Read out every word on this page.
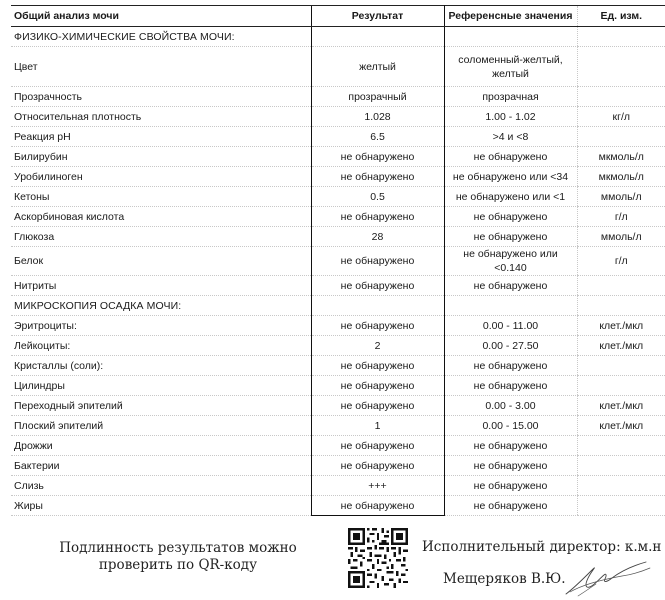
Общий анализ мочи	Результат	Референсные значения	Ед. изм.
ФИЗИКО-ХИМИЧЕСКИЕ СВОЙСТВА МОЧИ:			
Цвет	желтый	соломенный-желтый, желтый	
Прозрачность	прозрачный	прозрачная	
Относительная плотность	1.028	1.00 - 1.02	кг/л
Реакция pH	6.5	>4 и <8	
Билирубин	не обнаружено	не обнаружено	мкмоль/л
Уробилиноген	не обнаружено	не обнаружено или <34	мкмоль/л
Кетоны	0.5	не обнаружено или <1	ммоль/л
Аскорбиновая кислота	не обнаружено	не обнаружено	г/л
Глюкоза	28	не обнаружено	ммоль/л
Белок	не обнаружено	не обнаружено или <0.140	г/л
Нитриты	не обнаружено	не обнаружено	
МИКРОСКОПИЯ ОСАДКА МОЧИ:			
Эритроциты:	не обнаружено	0.00 - 11.00	клет./мкл
Лейкоциты:	2	0.00 - 27.50	клет./мкл
Кристаллы (соли):	не обнаружено	не обнаружено	
Цилиндры	не обнаружено	не обнаружено	
Переходный эпителий	не обнаружено	0.00 - 3.00	клет./мкл
Плоский эпителий	1	0.00 - 15.00	клет./мкл
Дрожжи	не обнаружено	не обнаружено	
Бактерии	не обнаружено	не обнаружено	
Слизь	+++	не обнаружено	
Жиры	не обнаружено	не обнаружено	
Подлинность результатов можно
проверить по QR-коду
Исполнительный директор: к.м.н
Мещеряков В.Ю.
